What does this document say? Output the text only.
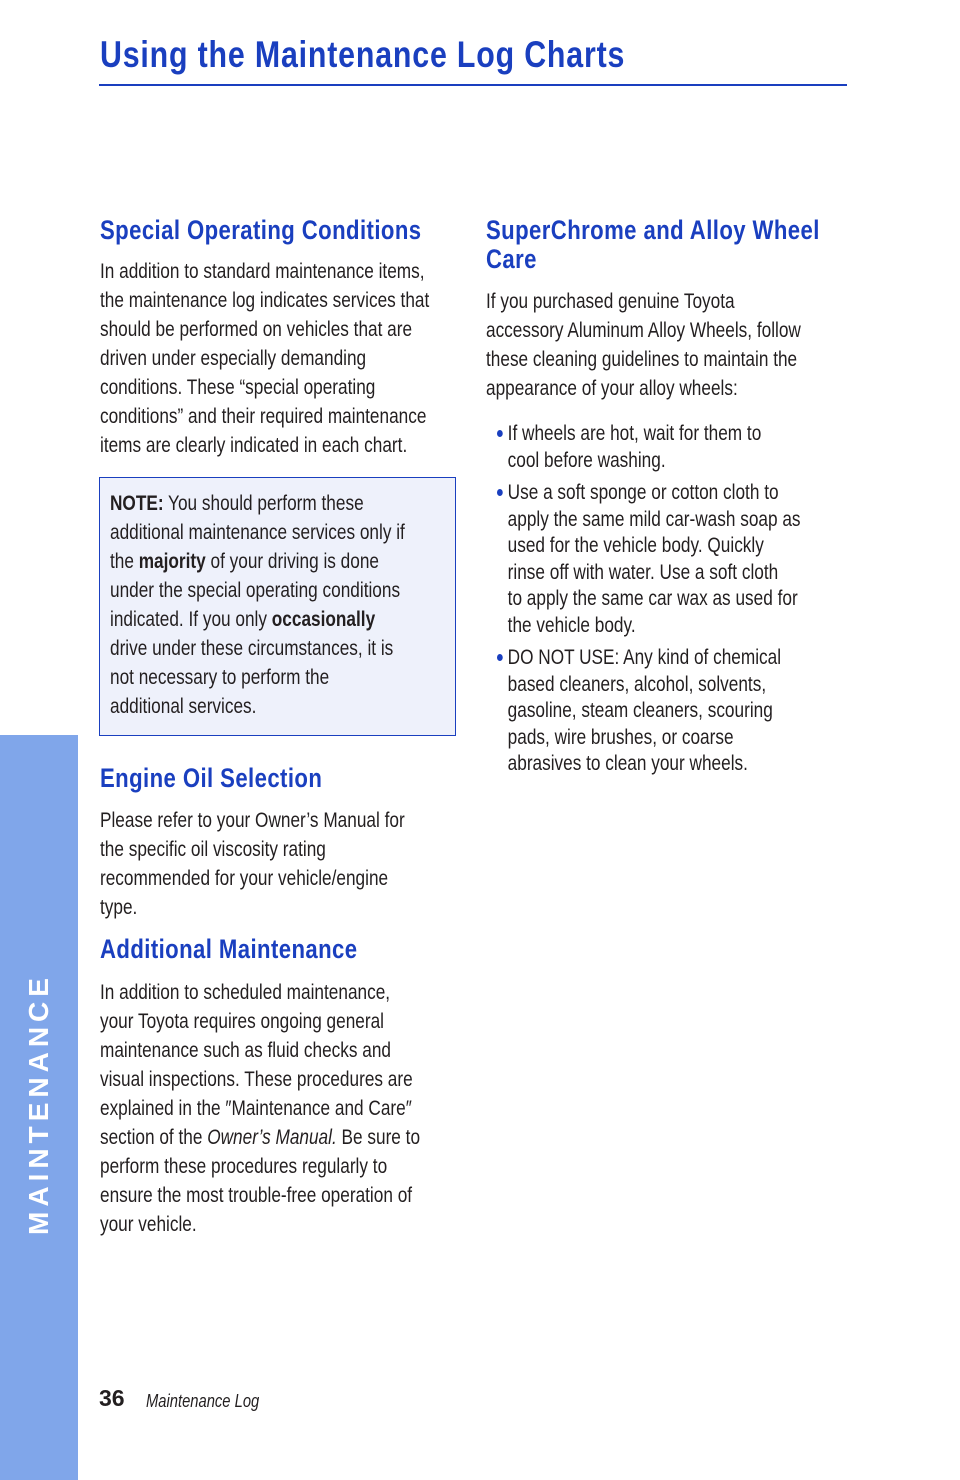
Using the Maintenance Log Charts
MAINTENANCE
Special Operating Conditions
In addition to standard maintenance items,
the maintenance log indicates services that
should be performed on vehicles that are
driven under especially demanding
conditions. These “special operating
conditions” and their required maintenance
items are clearly indicated in each chart.
NOTE: You should perform these
additional maintenance services only if
the majority of your driving is done
under the special operating conditions
indicated. If you only occasionally
drive under these circumstances, it is
not necessary to perform the
additional services.
Engine Oil Selection
Please refer to your Owner’s Manual for
the specific oil viscosity rating
recommended for your vehicle/engine
type.
Additional Maintenance
In addition to scheduled maintenance,
your Toyota requires ongoing general
maintenance such as fluid checks and
visual inspections. These procedures are
explained in the ″Maintenance and Care″
section of the Owner’s Manual. Be sure to
perform these procedures regularly to
ensure the most trouble-free operation of
your vehicle.
SuperChrome and Alloy Wheel
Care
If you purchased genuine Toyota
accessory Aluminum Alloy Wheels, follow
these cleaning guidelines to maintain the
appearance of your alloy wheels:
If wheels are hot, wait for them to
cool before washing.
Use a soft sponge or cotton cloth to
apply the same mild car-wash soap as
used for the vehicle body. Quickly
rinse off with water. Use a soft cloth
to apply the same car wax as used for
the vehicle body.
DO NOT USE: Any kind of chemical
based cleaners, alcohol, solvents,
gasoline, steam cleaners, scouring
pads, wire brushes, or coarse
abrasives to clean your wheels.
36 Maintenance Log
